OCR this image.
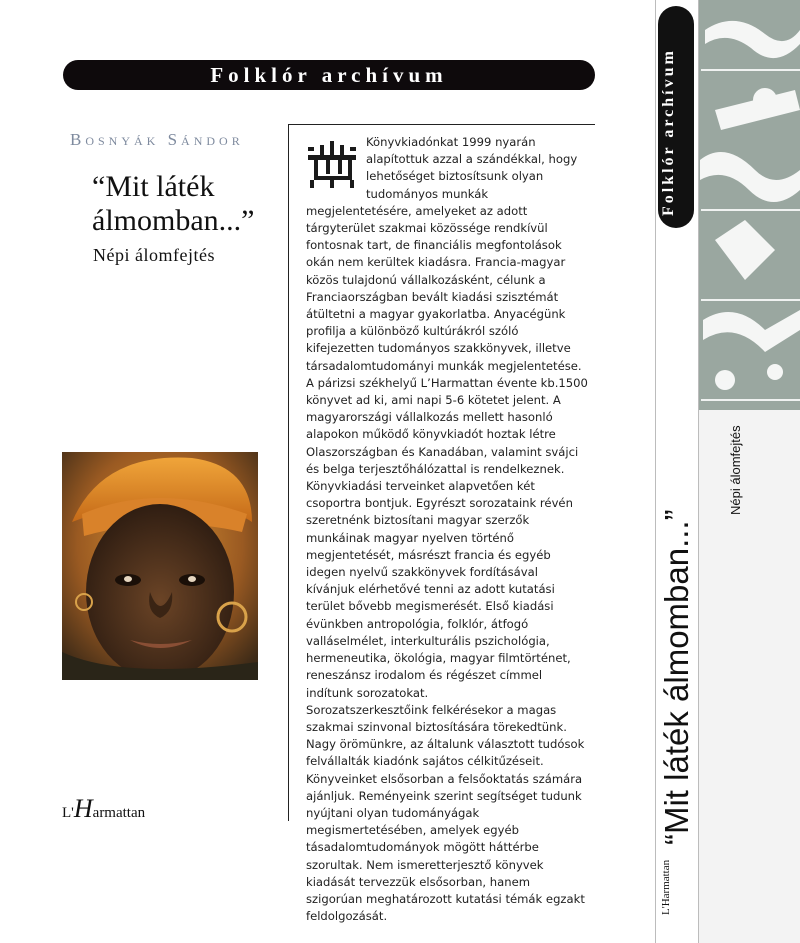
Folklór archívum
Bosnyák Sándor
“Mit láték álmomban...”
Népi álomfejtés
L'Harmattan

Könyvkiadónkat 1999 nyarán alapítottuk azzal a szándékkal, hogy lehetőséget biztosítsunk olyan tudományos munkák megjelentetésére, amelyeket az adott tárgyterület szakmai közössége rendkívül fontosnak tart, de financiális megfontolások okán nem kerültek kiadásra. Francia-magyar közös tulajdonú vállalkozásként, célunk a Franciaországban bevált kiadási szisztémát átültetni a magyar gyakorlatba. Anyacégünk profilja a különböző kultúrákról szóló kifejezetten tudományos szakkönyvek, illetve társadalomtudományi munkák megjelentetése. A párizsi székhelyű L’Harmattan évente kb.1500 könyvet ad ki, ami napi 5-6 kötetet jelent. A magyarországi vállalkozás mellett hasonló alapokon működő könyvkiadót hoztak létre Olaszországban és Kanadában, valamint svájci és belga terjesztőhálózattal is rendelkeznek.

Könyvkiadási terveinket alapvetően két csoportra bontjuk. Egyrészt sorozataink révén szeretnénk biztosítani magyar szerzők munkáinak magyar nyelven történő megjentetését, másrészt francia és egyéb idegen nyelvű szakkönyvek fordításával kívánjuk elérhetővé tenni az adott kutatási terület bővebb megismerését. Első kiadási évünkben antropológia, folklór, átfogó valláselmélet, interkulturális pszichológia, hermeneutika, ökológia, magyar filmtörténet, reneszánsz irodalom és régészet címmel indítunk sorozatokat.

Sorozatszerkesztőink felkérésekor a magas szakmai szinvonal biztosítására törekedtünk. Nagy örömünkre, az általunk választott tudósok felvállalták kiadónk sajátos célkitűzéseit.

Könyveinket elsősorban a felsőoktatás számára ajánljuk. Reményeink szerint segítséget tudunk nyújtani olyan tudományágak megismertetésében, amelyek egyéb tásadalomtudományok mögött háttérbe szorultak. Nem ismeretterjesztő könyvek kiadását tervezzük elsősorban, hanem szigorúan meghatározott kutatási témák egzakt feldolgozását.

Folklór archívum
“Mit láték álmomban...”
Népi álomfejtés
L'Harmattan
